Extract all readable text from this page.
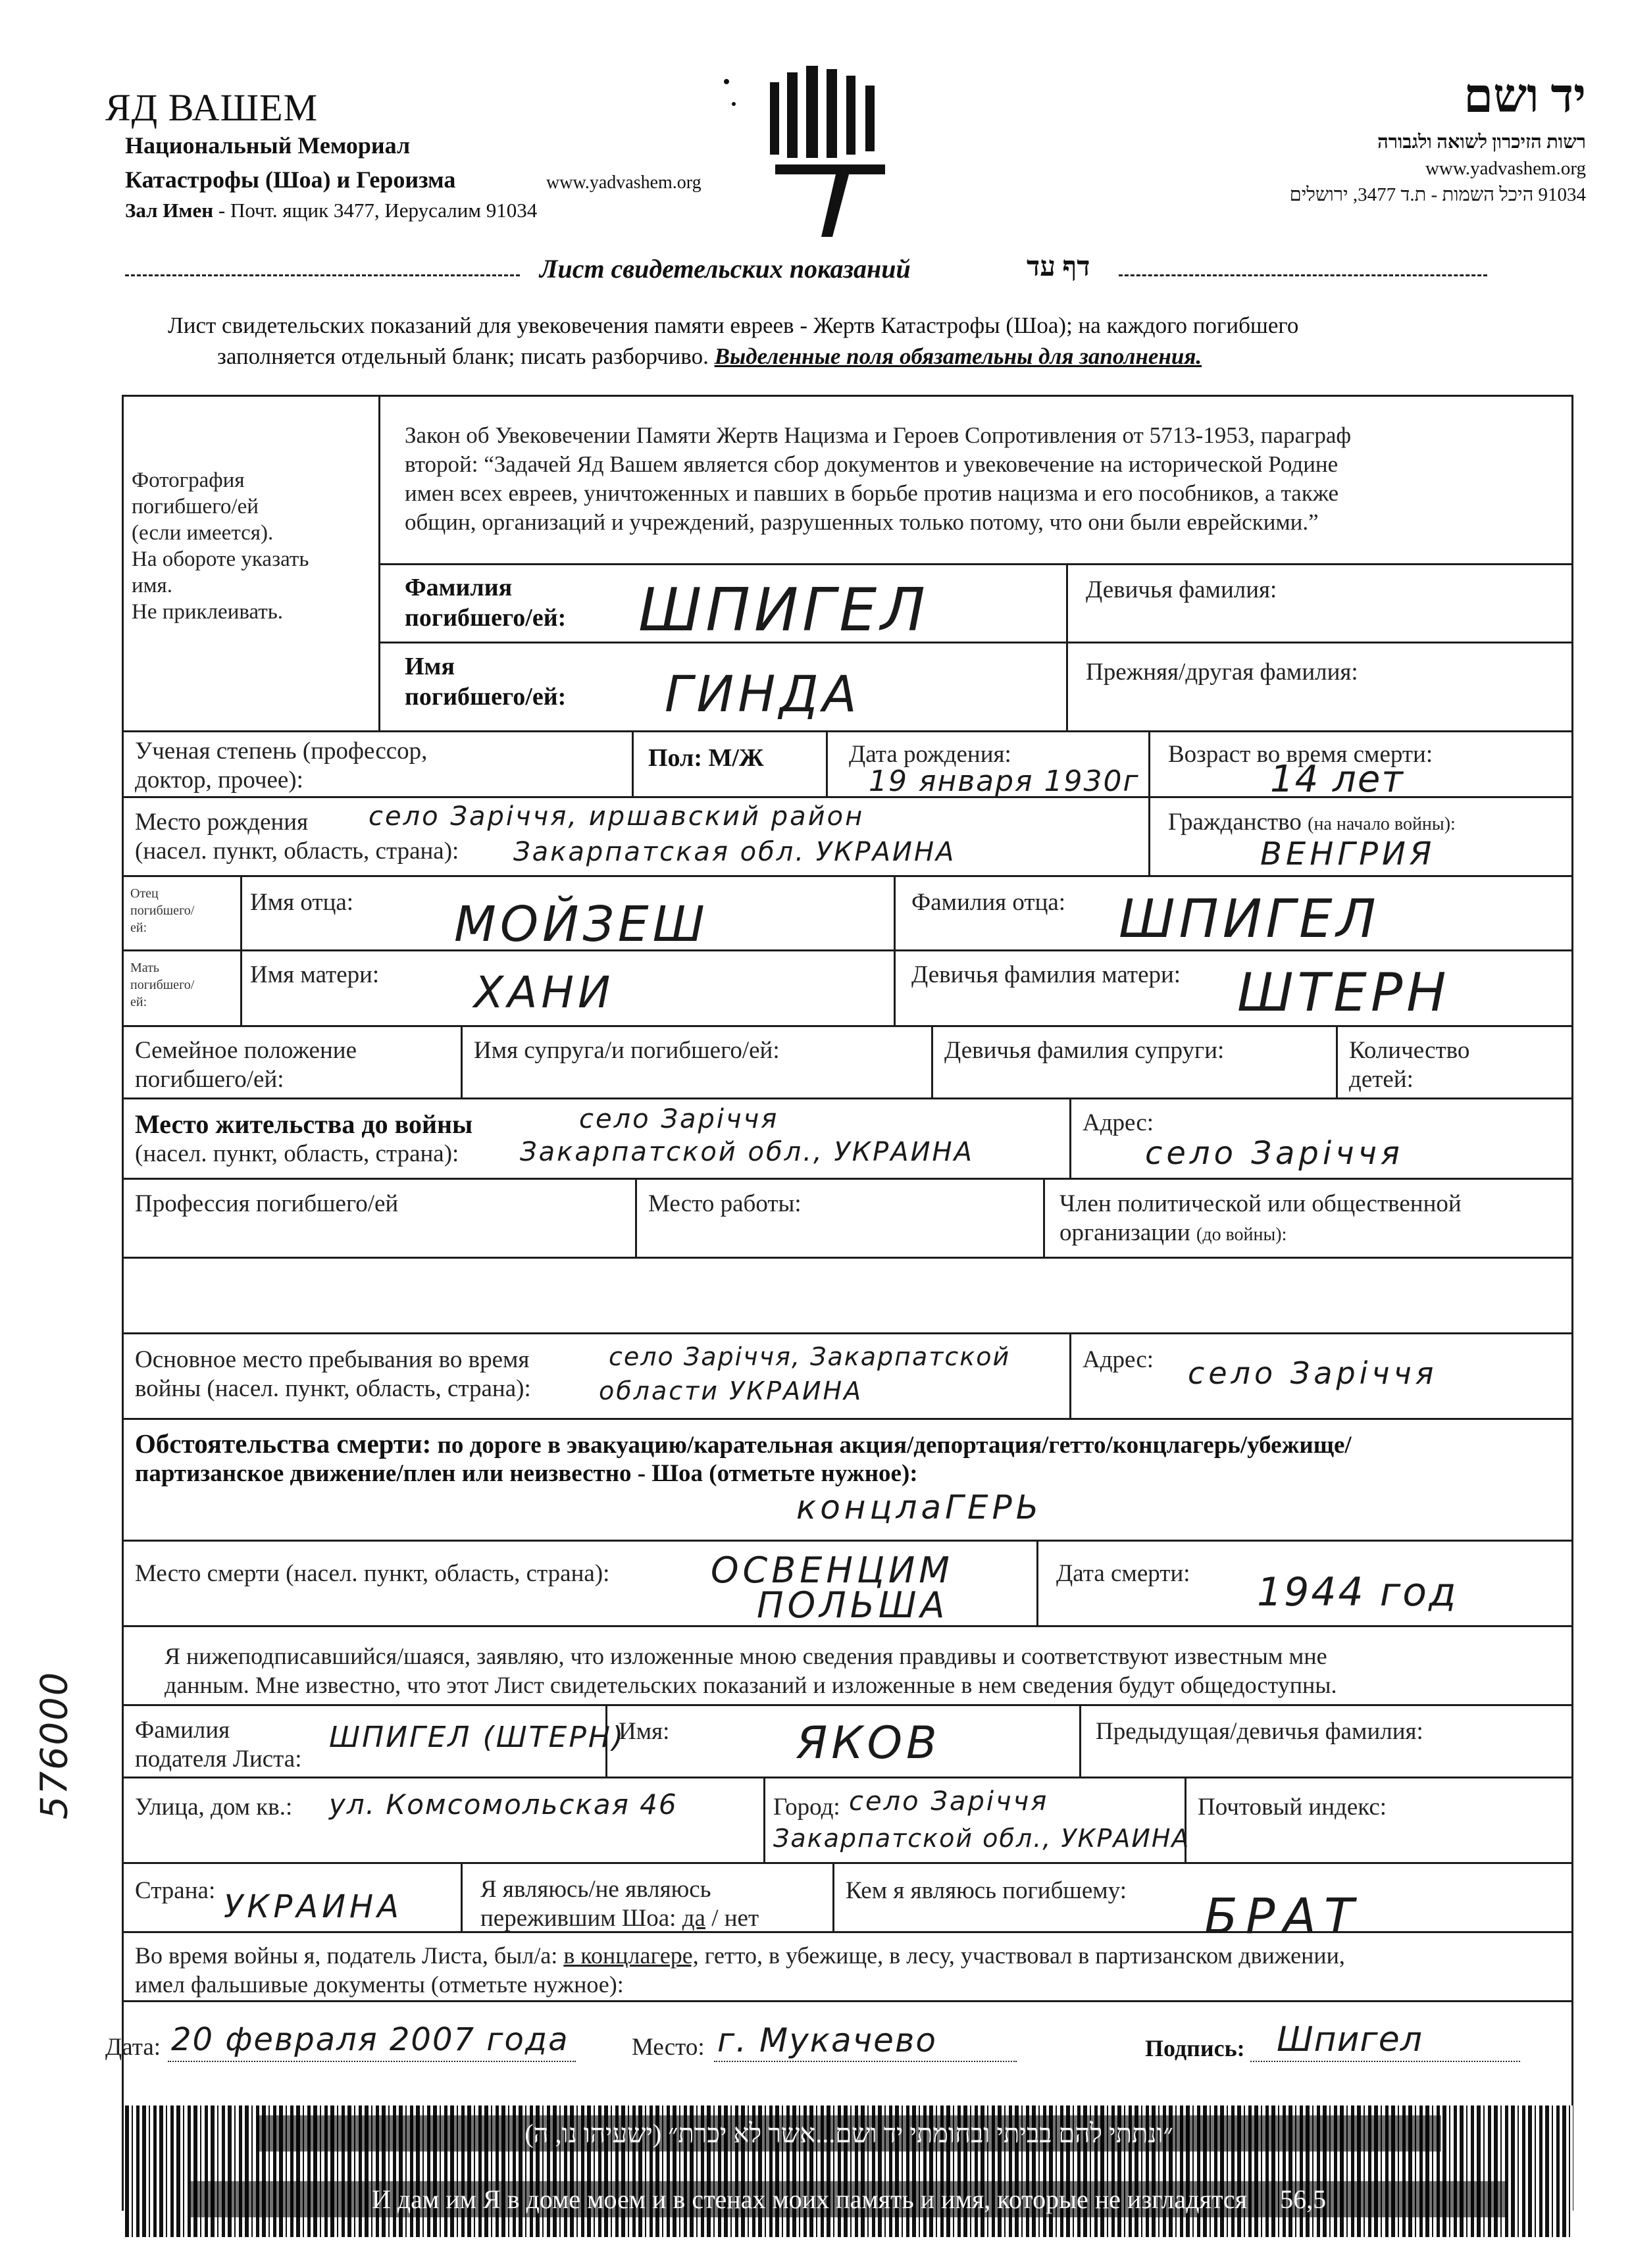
ЯД ВАШЕМ
Национальный Мемориал
Катастрофы (Шоа) и Героизма	www.yadvashem.org
Зал Имен - Почт. ящик 3477, Иерусалим 91034
יד ושם
רשות הזיכרון לשואה ולגבורה
www.yadvashem.org
91034 היכל השמות - ת.ד 3477, ירושלים
Лист свидетельских показаний	דף עד
Лист свидетельских показаний для увековечения памяти евреев - Жертв Катастрофы (Шоа); на каждого погибшего
заполняется отдельный бланк; писать разборчиво. Выделенные поля обязательны для заполнения.
Фотография
погибшего/ей
(если имеется).
На обороте указать
имя.
Не приклеивать.
Закон об Увековечении Памяти Жертв Нацизма и Героев Сопротивления от 5713-1953, параграф
второй: “Задачей Яд Вашем является сбор документов и увековечение на исторической Родине
имен всех евреев, уничтоженных и павших в борьбе против нацизма и его пособников, а также
общин, организаций и учреждений, разрушенных только потому, что они были еврейскими.”
Фамилия
погибшего/ей: ШПИГЕЛ	Девичья фамилия:
Имя
погибшего/ей: ГИНДА	Прежняя/другая фамилия:
Ученая степень (профессор,
доктор, прочее):
Пол: М/Ж	Дата рождения:
19 января 1930г
Возраст во время смерти:
14 лет
Место рождения
(насел. пункт, область, страна):
село Зарiччя, иршавский район
Закарпатская обл. УКРАИНА
Гражданство (на начало войны):
ВЕНГРИЯ
Отец
погибшего/
ей:
Имя отца: МОЙЗЕШ	Фамилия отца: ШПИГЕЛ
Мать
погибшего/
ей:
Имя матери: ХАНИ	Девичья фамилия матери: ШТЕРН
Семейное положение
погибшего/ей:
Имя супруга/и погибшего/ей:	Девичья фамилия супруги:	Количество
детей:
Место жительства до войны
(насел. пункт, область, страна):
село Зарiччя
Закарпатской обл., УКРАИНА
Адрес:
село Зарiччя
Профессия погибшего/ей	Место работы:	Член политической или общественной
организации (до войны):
Основное место пребывания во время
войны (насел. пункт, область, страна):
село Зарiччя, Закарпатской
области УКРАИНА
Адрес: село Зарiччя
Обстоятельства смерти: по дороге в эвакуацию/карательная акция/депортация/гетто/концлагерь/убежище/
партизанское движение/плен или неизвестно - Шоа (отметьте нужное):
концлаГЕРЬ
Место смерти (насел. пункт, область, страна):	ОСВЕНЦИМ
ПОЛЬША
Дата смерти: 1944 год
Я нижеподписавшийся/шаяся, заявляю, что изложенные мною сведения правдивы и соответствуют известным мне
данным. Мне известно, что этот Лист свидетельских показаний и изложенные в нем сведения будут общедоступны.
Фамилия
подателя Листа:
ШПИГЕЛ (ШТЕРН)
Имя:	ЯКОВ	Предыдущая/девичья фамилия:
Улица, дом кв.: ул. Комсомольская 46	Город: село Зарiччя
Закарпатской обл., УКРАИНА
Почтовый индекс:
Страна: УКРАИНА	Я являюсь/не являюсь
пережившим Шоа: да / нет
Кем я являюсь погибшему: БРАТ
Во время войны я, податель Листа, был/а: в концлагере, гетто, в убежище, в лесу, участвовал в партизанском движении,
имел фальшивые документы (отметьте нужное):
Дата: 20 февраля 2007 года	Место: г. Мукачево	Подпись: Шпигел
576000
״ונתתי להם בביתי ובחומתי יד ושם...אשר לא יכרת״ (ישעיהו נו, ה)
И дам им Я в доме моем и в стенах моих память и имя, которые не изгладятся 56,5
